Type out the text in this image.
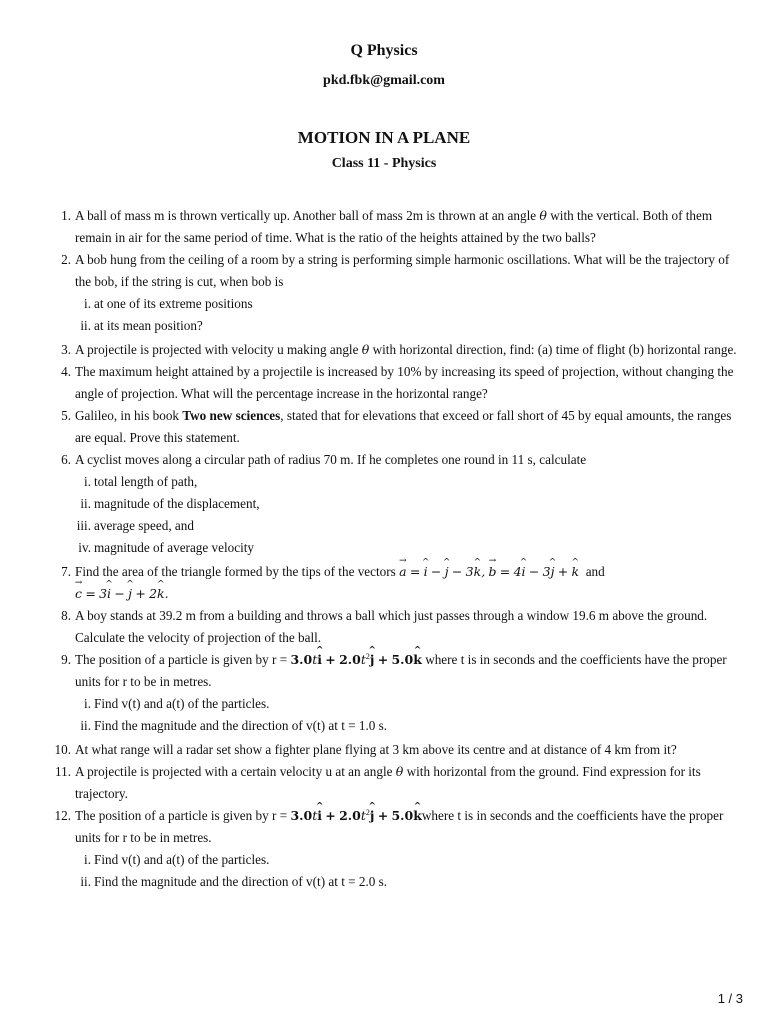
Q Physics
pkd.fbk@gmail.com
MOTION IN A PLANE
Class 11 - Physics
1. A ball of mass m is thrown vertically up. Another ball of mass 2m is thrown at an angle θ with the vertical. Both of them remain in air for the same period of time. What is the ratio of the heights attained by the two balls?
2. A bob hung from the ceiling of a room by a string is performing simple harmonic oscillations. What will be the trajectory of the bob, if the string is cut, when bob is
i. at one of its extreme positions
ii. at its mean position?
3. A projectile is projected with velocity u making angle θ with horizontal direction, find: (a) time of flight (b) horizontal range.
4. The maximum height attained by a projectile is increased by 10% by increasing its speed of projection, without changing the angle of projection. What will the percentage increase in the horizontal range?
5. Galileo, in his book Two new sciences, stated that for elevations that exceed or fall short of 45 by equal amounts, the ranges are equal. Prove this statement.
6. A cyclist moves along a circular path of radius 70 m. If he completes one round in 11 s, calculate
i. total length of path,
ii. magnitude of the displacement,
iii. average speed, and
iv. magnitude of average velocity
7. Find the area of the triangle formed by the tips of the vectors a → = i ^ − j ^ − 3k ^, b → = 4i ^ − 3j ^ + k ^ and
c → = 3i ^ − j ^ + 2k ^.
8. A boy stands at 39.2 m from a building and throws a ball which just passes through a window 19.6 m above the ground. Calculate the velocity of projection of the ball.
9. The position of a particle is given by r = 3.0ti ^ + $2.0t^2j$ ^ + 5.0k ^ where t is in seconds and the coefficients have the proper units for r to be in metres.
i. Find v(t) and a(t) of the particles.
ii. Find the magnitude and the direction of v(t) at t = 1.0 s.
10. At what range will a radar set show a fighter plane flying at 3 km above its centre and at distance of 4 km from it?
11. A projectile is projected with a certain velocity u at an angle θ with horizontal from the ground. Find expression for its trajectory.
12. The position of a particle is given by r = 3.0ti ^ + $2.0t^2j$ ^ + 5.0k ^where t is in seconds and the coefficients have the proper units for r to be in metres.
i. Find v(t) and a(t) of the particles.
ii. Find the magnitude and the direction of v(t) at t = 2.0 s.
1 / 3
